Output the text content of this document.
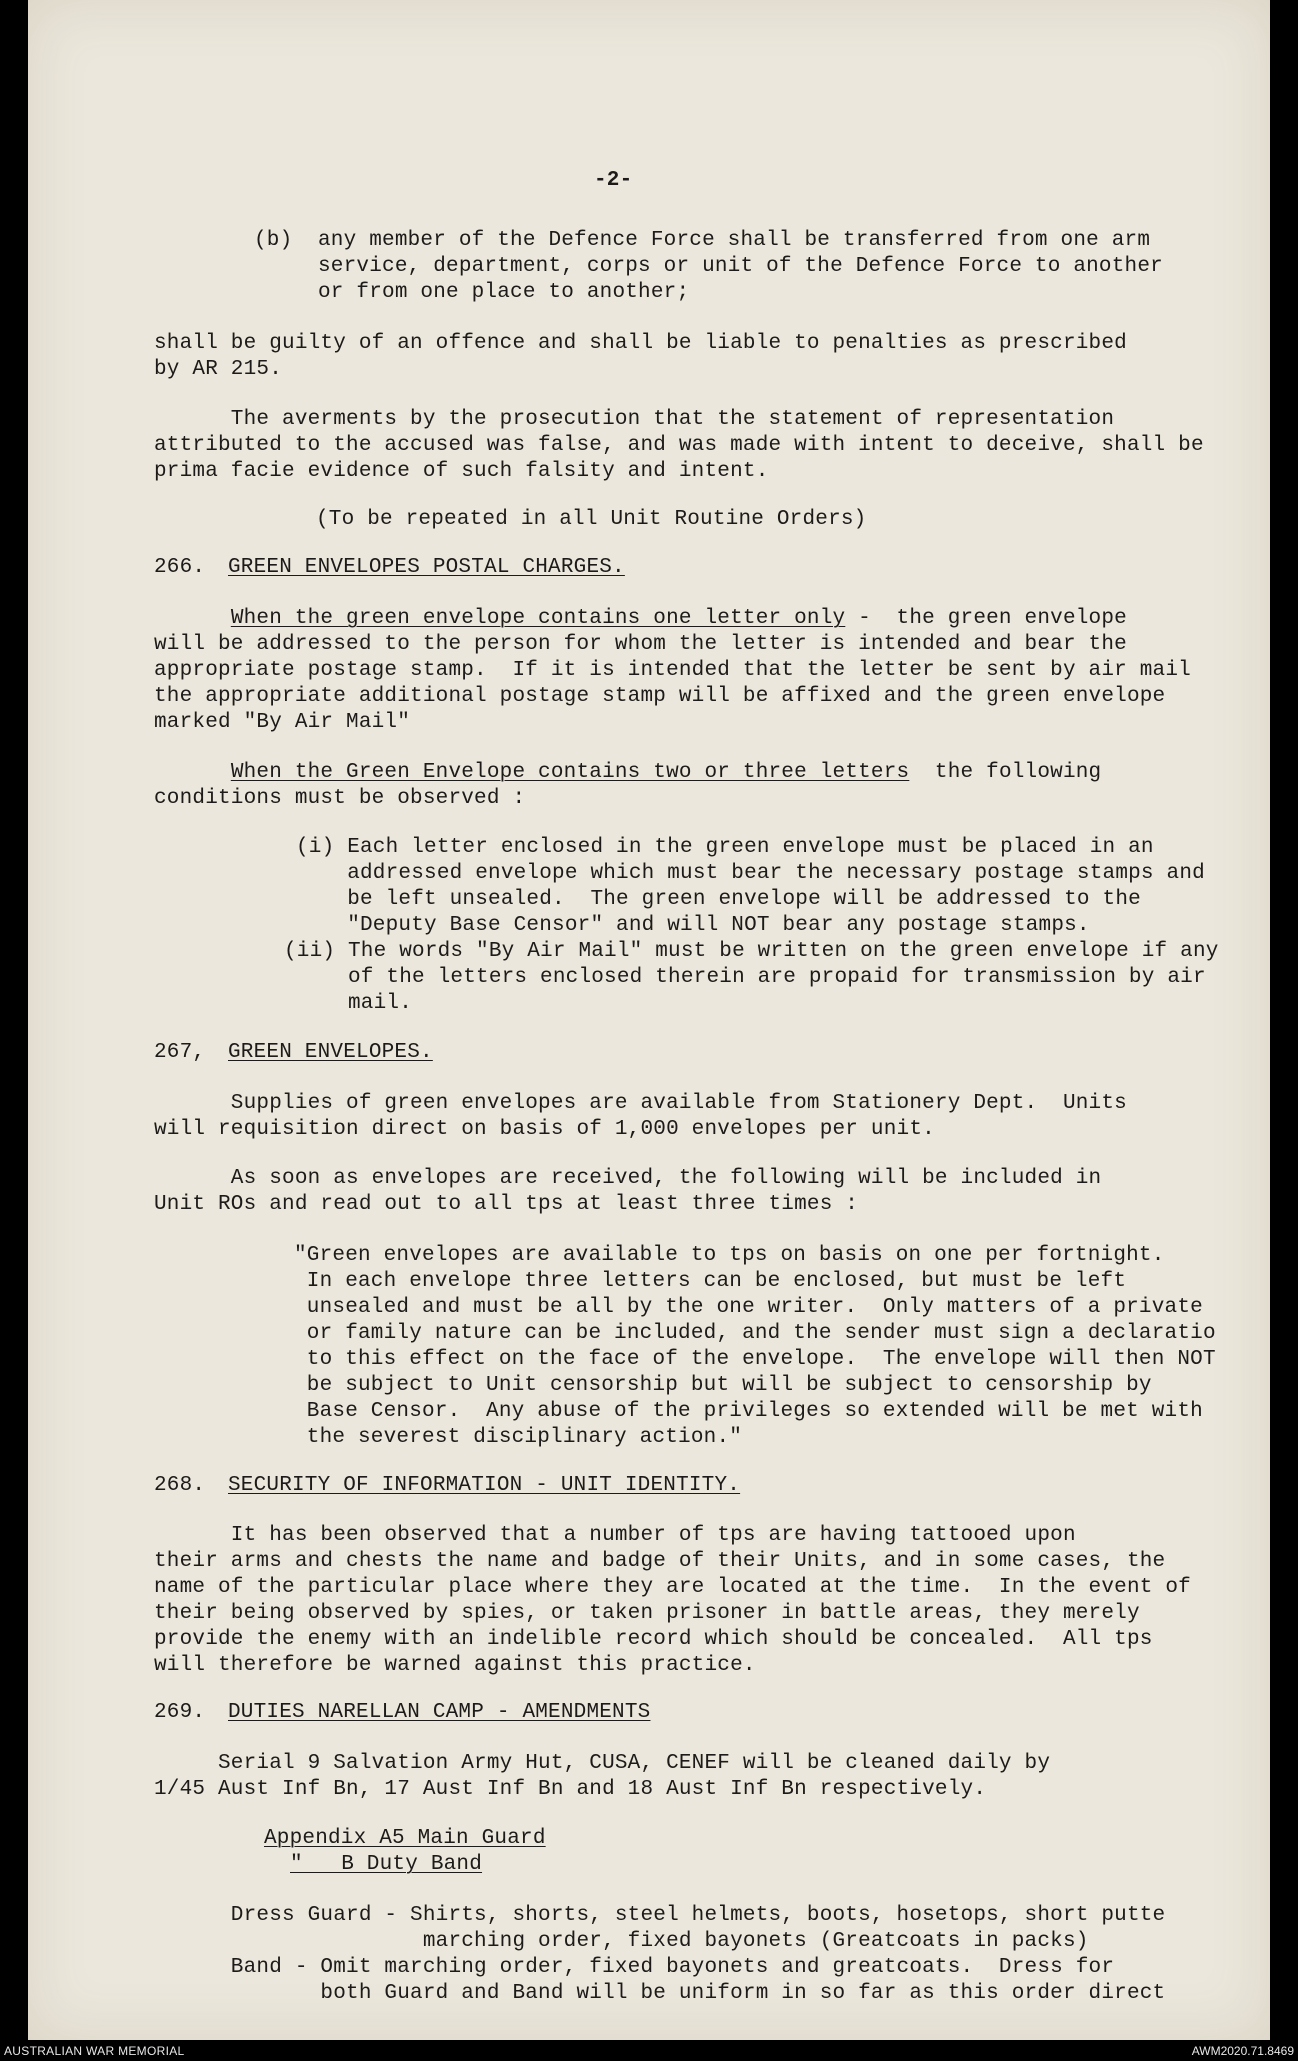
-2-

(b)  any member of the Defence Force shall be transferred from one arm

service, department, corps or unit of the Defence Force to another

or from one place to another;

shall be guilty of an offence and shall be liable to penalties as prescribed

by AR 215.

The averments by the prosecution that the statement of representation

attributed to the accused was false, and was made with intent to deceive, shall be

prima facie evidence of such falsity and intent.

(To be repeated in all Unit Routine Orders)

266. GREEN ENVELOPES POSTAL CHARGES.

When the green envelope contains one letter only -  the green envelope

will be addressed to the person for whom the letter is intended and bear the

appropriate postage stamp.  If it is intended that the letter be sent by air mail

the appropriate additional postage stamp will be affixed and the green envelope

marked "By Air Mail"

When the Green Envelope contains two or three letters  the following

conditions must be observed :

(i) Each letter enclosed in the green envelope must be placed in an

addressed envelope which must bear the necessary postage stamps and

be left unsealed.  The green envelope will be addressed to the

"Deputy Base Censor" and will NOT bear any postage stamps.

(ii) The words "By Air Mail" must be written on the green envelope if any

of the letters enclosed therein are propaid for transmission by air

mail.

267, GREEN ENVELOPES.

Supplies of green envelopes are available from Stationery Dept.  Units

will requisition direct on basis of 1,000 envelopes per unit.

As soon as envelopes are received, the following will be included in

Unit ROs and read out to all tps at least three times :

"Green envelopes are available to tps on basis on one per fortnight.

In each envelope three letters can be enclosed, but must be left

unsealed and must be all by the one writer.  Only matters of a private

or family nature can be included, and the sender must sign a declaratio

to this effect on the face of the envelope.  The envelope will then NOT

be subject to Unit censorship but will be subject to censorship by

Base Censor.  Any abuse of the privileges so extended will be met with

the severest disciplinary action."

268. SECURITY OF INFORMATION - UNIT IDENTITY.

It has been observed that a number of tps are having tattooed upon

their arms and chests the name and badge of their Units, and in some cases, the

name of the particular place where they are located at the time.  In the event of

their being observed by spies, or taken prisoner in battle areas, they merely

provide the enemy with an indelible record which should be concealed.  All tps

will therefore be warned against this practice.

269. DUTIES NARELLAN CAMP - AMENDMENTS

Serial 9 Salvation Army Hut, CUSA, CENEF will be cleaned daily by

1/45 Aust Inf Bn, 17 Aust Inf Bn and 18 Aust Inf Bn respectively.

Appendix A5 Main Guard

"   B Duty Band

Dress Guard - Shirts, shorts, steel helmets, boots, hosetops, short putte

marching order, fixed bayonets (Greatcoats in packs)

Band - Omit marching order, fixed bayonets and greatcoats.  Dress for

both Guard and Band will be uniform in so far as this order direct

AUSTRALIAN WAR MEMORIAL	AWM2020.71.8469
